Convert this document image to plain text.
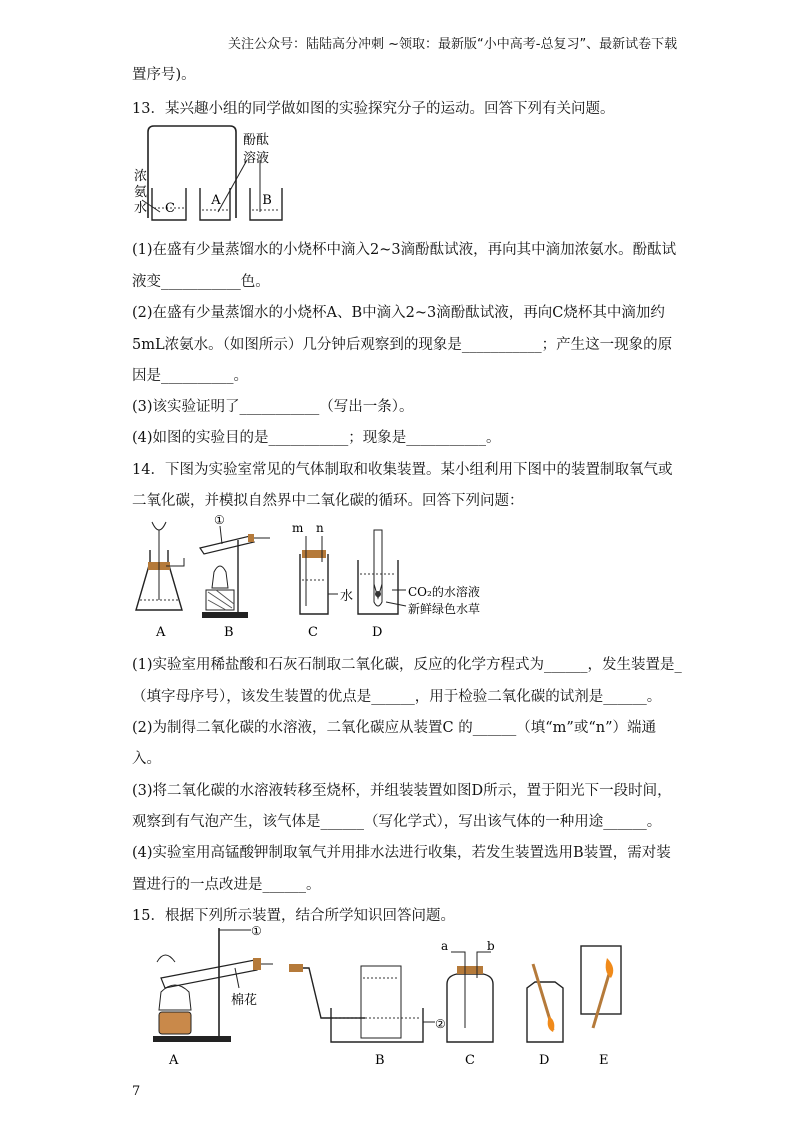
关注公众号：陆陆高分冲刺 ~领取：最新版“小中高考-总复习”、最新试卷下载
置序号)。
13．某兴趣小组的同学做如图的实验探究分子的运动。回答下列有关问题。
C
A	B
浓
氨
水
酚酞
溶液
(1)在盛有少量蒸馏水的小烧杯中滴入2~3滴酚酞试液，再向其中滴加浓氨水。酚酞试
液变___________色。
(2)在盛有少量蒸馏水的小烧杯A、B中滴入2~3滴酚酞试液，再向C烧杯其中滴加约
5mL浓氨水。（如图所示）几分钟后观察到的现象是___________；产生这一现象的原
因是__________。
(3)该实验证明了___________（写出一条）。
(4)如图的实验目的是___________；现象是___________。
14．下图为实验室常见的气体制取和收集装置。某小组利用下图中的装置制取氧气或
二氧化碳，并模拟自然界中二氧化碳的循环。回答下列问题：
①
m n
水	CO₂的水溶液
新鲜绿色水草
A	B	C	D
(1)实验室用稀盐酸和石灰石制取二氧化碳，反应的化学方程式为______，发生装置是_
（填字母序号），该发生装置的优点是______，用于检验二氧化碳的试剂是______。
(2)为制得二氧化碳的水溶液，二氧化碳应从装置C 的______（填“m”或“n”）端通
入。
(3)将二氧化碳的水溶液转移至烧杯，并组装装置如图D所示，置于阳光下一段时间，
观察到有气泡产生，该气体是______（写化学式），写出该气体的一种用途______。
(4)实验室用高锰酸钾制取氧气并用排水法进行收集，若发生装置选用B装置，需对装
置进行的一点改进是______。
15．根据下列所示装置，结合所学知识回答问题。
①
棉花
②
a	b
A	B	C	D	E
7
